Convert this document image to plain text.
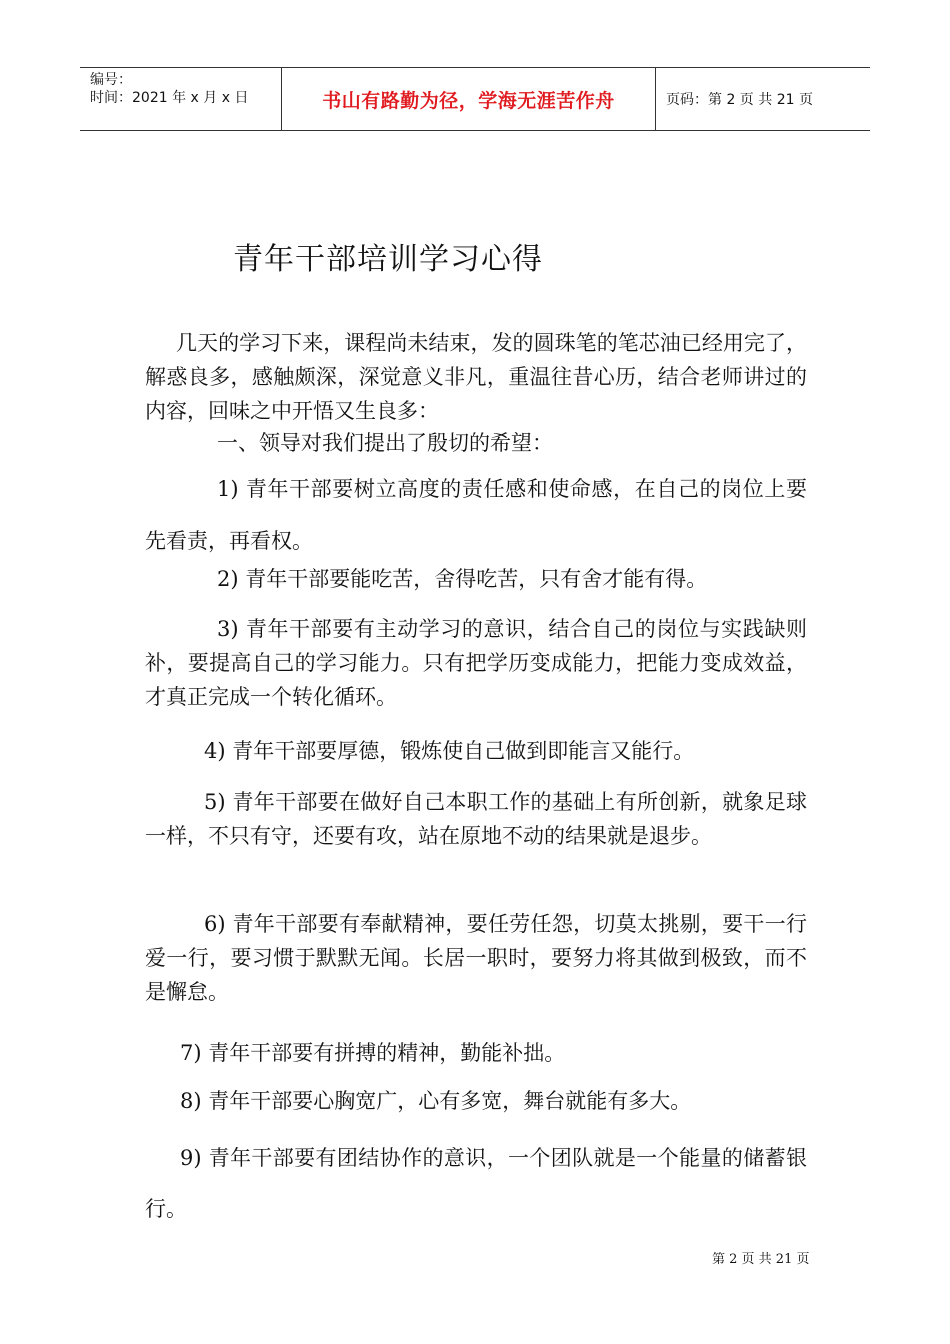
编号：
时间：2021 年 x 月 x 日	书山有路勤为径，学海无涯苦作舟	页码：第 2 页 共 21 页
青年干部培训学习心得

几天的学习下来，课程尚未结束，发的圆珠笔的笔芯油已经用完了，解惑良多，感触颇深，深觉意义非凡，重温往昔心历，结合老师讲过的内容，回味之中开悟又生良多：

一、领导对我们提出了殷切的希望：

1) 青年干部要树立高度的责任感和使命感，在自己的岗位上要先看责，再看权。

2) 青年干部要能吃苦，舍得吃苦，只有舍才能有得。

3) 青年干部要有主动学习的意识，结合自己的岗位与实践缺则补，要提高自己的学习能力。只有把学历变成能力，把能力变成效益，才真正完成一个转化循环。

4) 青年干部要厚德，锻炼使自己做到即能言又能行。

5) 青年干部要在做好自己本职工作的基础上有所创新，就象足球一样，不只有守，还要有攻，站在原地不动的结果就是退步。

6) 青年干部要有奉献精神，要任劳任怨，切莫太挑剔，要干一行爱一行，要习惯于默默无闻。长居一职时，要努力将其做到极致，而不是懈怠。

7) 青年干部要有拼搏的精神，勤能补拙。

8) 青年干部要心胸宽广，心有多宽，舞台就能有多大。

9) 青年干部要有团结协作的意识，一个团队就是一个能量的储蓄银行。

第 2 页 共 21 页
